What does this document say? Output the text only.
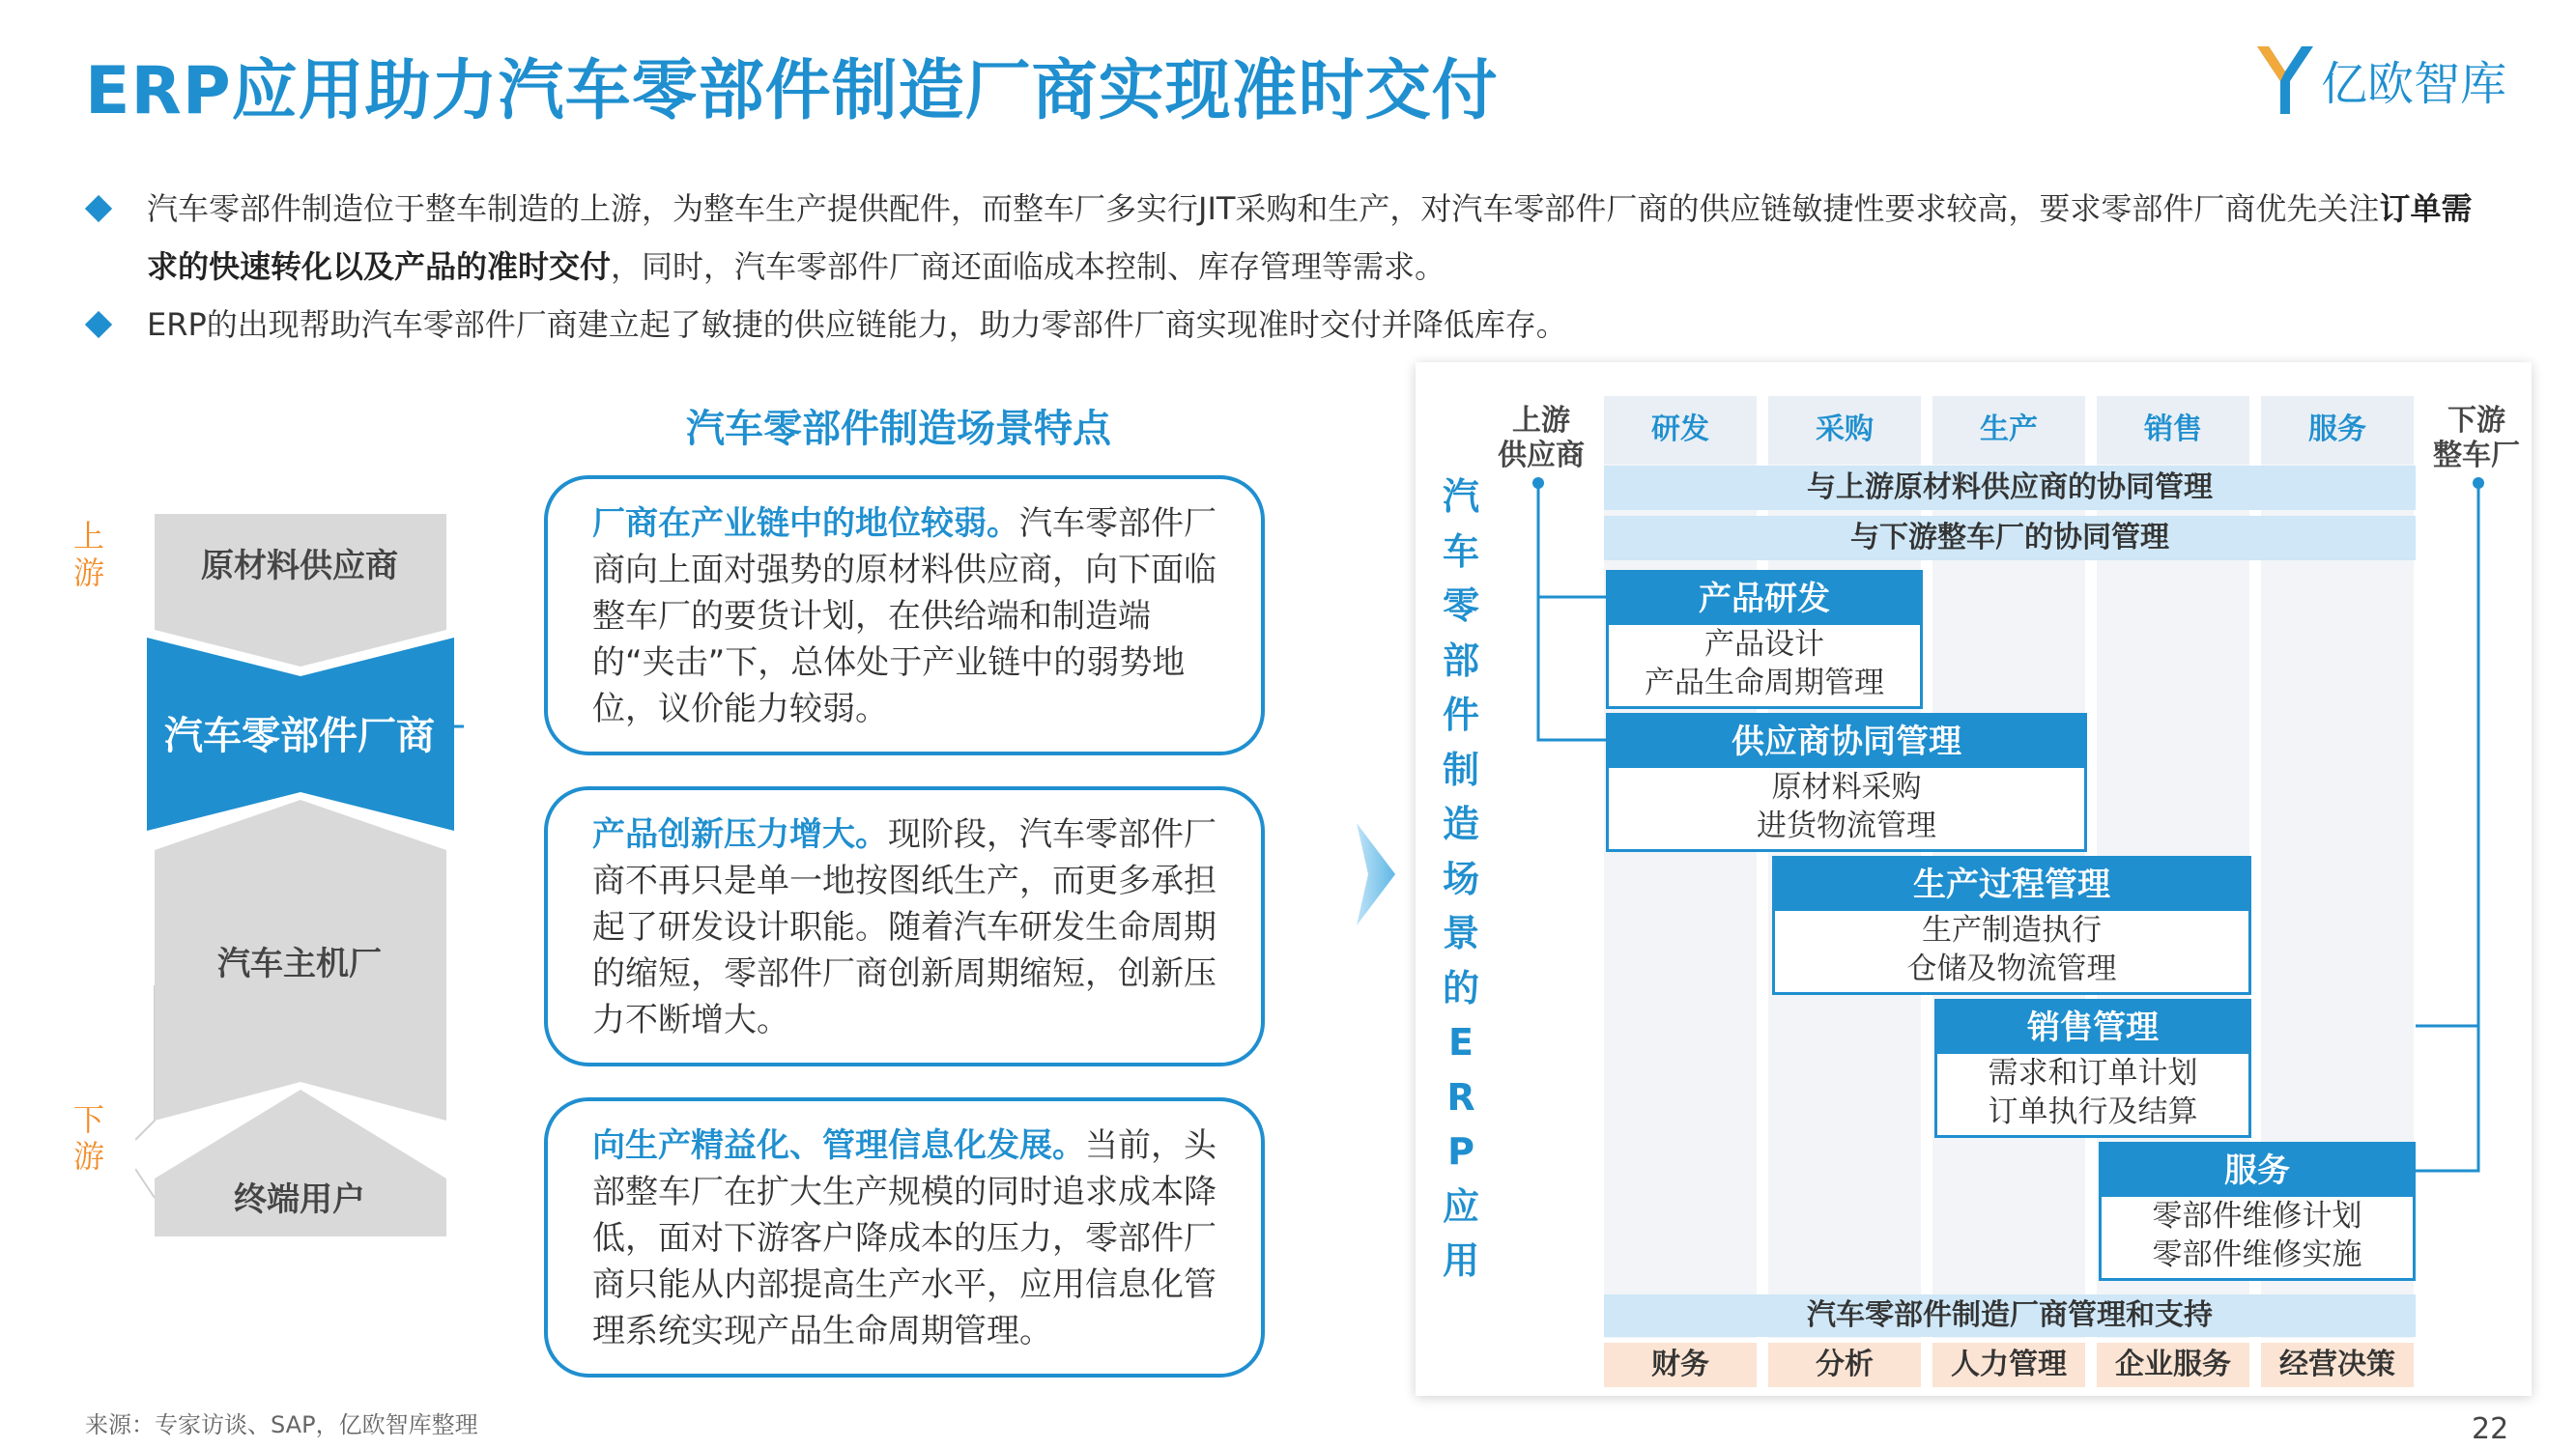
ERP应用助力汽车零部件制造厂商实现准时交付	亿欧智库
汽车零部件制造位于整车制造的上游，为整车生产提供配件，而整车厂多实行JIT采购和生产，对汽车零部件厂商的供应链敏捷性要求较高，要求零部件厂商优先关注订单需求的快速转化以及产品的准时交付，同时，汽车零部件厂商还面临成本控制、库存管理等需求。
ERP的出现帮助汽车零部件厂商建立起了敏捷的供应链能力，助力零部件厂商实现准时交付并降低库存。
汽车零部件制造场景特点
上游
下游
原材料供应商
汽车零部件厂商
汽车主机厂
终端用户
厂商在产业链中的地位较弱。汽车零部件厂商向上面对强势的原材料供应商，向下面临整车厂的要货计划，在供给端和制造端的“夹击”下，总体处于产业链中的弱势地位，议价能力较弱。
产品创新压力增大。现阶段，汽车零部件厂商不再只是单一地按图纸生产，而更多承担起了研发设计职能。随着汽车研发生命周期的缩短，零部件厂商创新周期缩短，创新压力不断增大。
向生产精益化、管理信息化发展。当前，头部整车厂在扩大生产规模的同时追求成本降低，面对下游客户降成本的压力，零部件厂商只能从内部提高生产水平，应用信息化管理系统实现产品生命周期管理。
研发	采购	生产	销售	服务
上游
供应商
下游
整车厂
汽
车
零
部
件
制
造
场
景
的
E
R
P
应
用
与上游原材料供应商的协同管理
与下游整车厂的协同管理
产品研发
产品设计
产品生命周期管理
供应商协同管理
原材料采购
进货物流管理
生产过程管理
生产制造执行
仓储及物流管理
销售管理
需求和订单计划
订单执行及结算
服务
零部件维修计划
零部件维修实施
汽车零部件制造厂商管理和支持
财务	分析	人力管理	企业服务	经营决策
来源：专家访谈、SAP，亿欧智库整理	22
